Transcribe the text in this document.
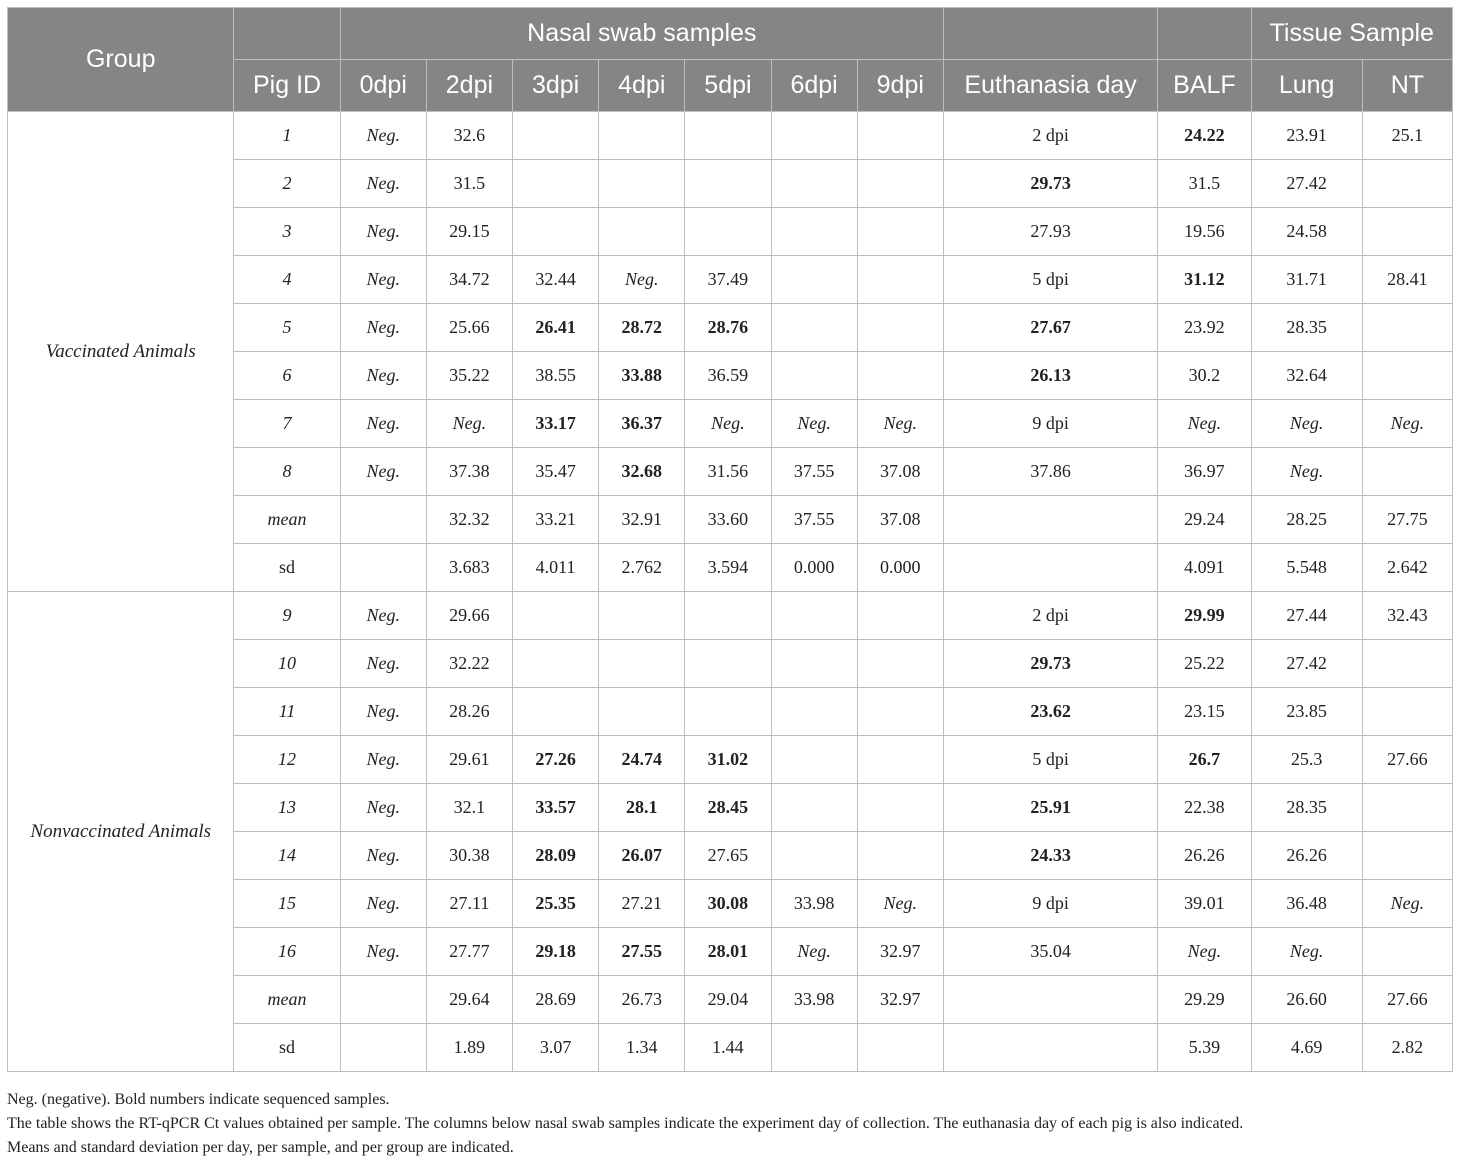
Group		Nasal swab samples									Tissue Sample	
	Pig ID	0dpi	2dpi	3dpi	4dpi	5dpi	6dpi	9dpi	Euthanasia day	BALF	Lung	NT
Vaccinated Animals	1	Neg.	32.6						2 dpi	24.22	23.91	25.1
	2	Neg.	31.5						29.73	31.5	27.42	
	3	Neg.	29.15						27.93	19.56	24.58	
	4	Neg.	34.72	32.44	Neg.	37.49			5 dpi	31.12	31.71	28.41
	5	Neg.	25.66	26.41	28.72	28.76			27.67	23.92	28.35	
	6	Neg.	35.22	38.55	33.88	36.59			26.13	30.2	32.64	
	7	Neg.	Neg.	33.17	36.37	Neg.	Neg.	Neg.	9 dpi	Neg.	Neg.	Neg.
	8	Neg.	37.38	35.47	32.68	31.56	37.55	37.08	37.86	36.97	Neg.	
	mean		32.32	33.21	32.91	33.60	37.55	37.08		29.24	28.25	27.75
	sd		3.683	4.011	2.762	3.594	0.000	0.000		4.091	5.548	2.642
Nonvaccinated Animals	9	Neg.	29.66						2 dpi	29.99	27.44	32.43
	10	Neg.	32.22						29.73	25.22	27.42	
	11	Neg.	28.26						23.62	23.15	23.85	
	12	Neg.	29.61	27.26	24.74	31.02			5 dpi	26.7	25.3	27.66
	13	Neg.	32.1	33.57	28.1	28.45			25.91	22.38	28.35	
	14	Neg.	30.38	28.09	26.07	27.65			24.33	26.26	26.26	
	15	Neg.	27.11	25.35	27.21	30.08	33.98	Neg.	9 dpi	39.01	36.48	Neg.
	16	Neg.	27.77	29.18	27.55	28.01	Neg.	32.97	35.04	Neg.	Neg.	
	mean		29.64	28.69	26.73	29.04	33.98	32.97		29.29	26.60	27.66
	sd		1.89	3.07	1.34	1.44				5.39	4.69	2.82
Neg. (negative). Bold numbers indicate sequenced samples.
The table shows the RT-qPCR Ct values obtained per sample. The columns below nasal swab samples indicate the experiment day of collection. The euthanasia day of each pig is also indicated.
Means and standard deviation per day, per sample, and per group are indicated.
